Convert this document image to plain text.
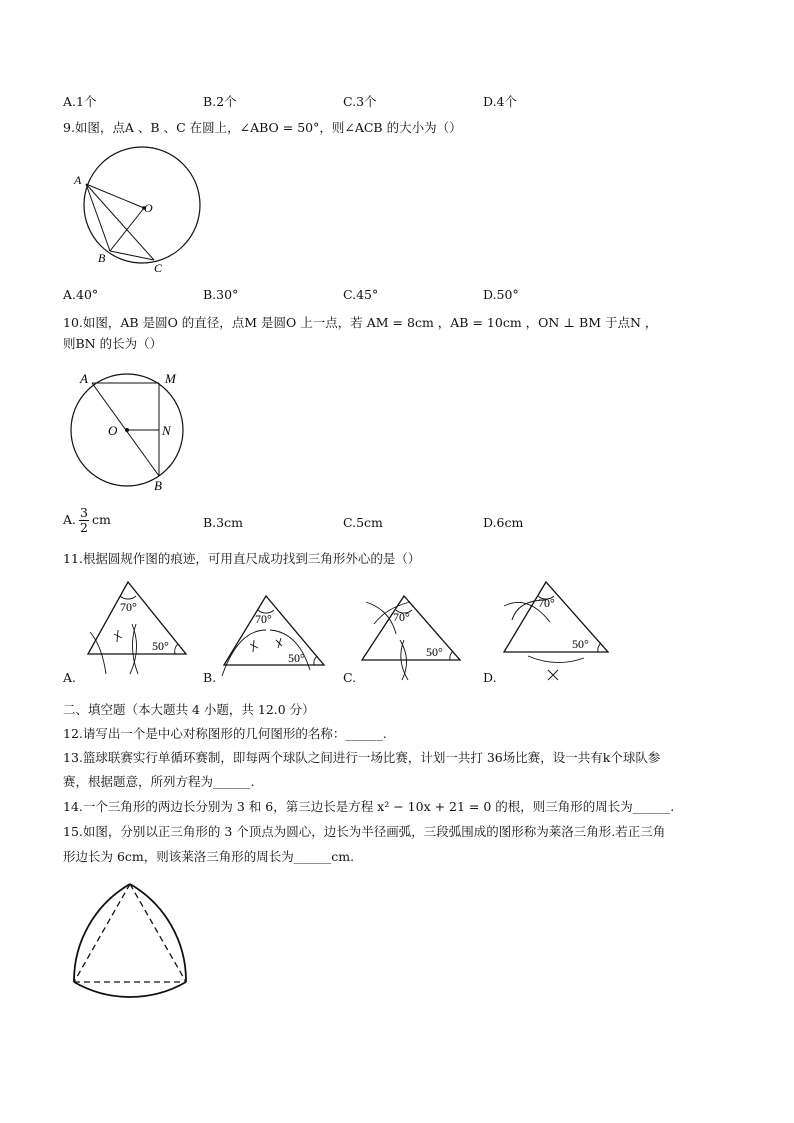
A.1个	B.2个	C.3个	D.4个
9.如图，点A 、B 、C 在圆上，∠ABO = 50°，则∠ACB 的大小为（）
A
O
B
C
A.40°	B.30°	C.45°	D.50°
10.如图，AB 是圆O 的直径，点M 是圆O 上一点，若 AM = 8cm ，AB = 10cm ，ON ⊥ BM 于点N ，
则BN 的长为（）
A	M
O	N
B
A. $\frac{3}{2}$ cm	B.3cm	C.5cm	D.6cm
11.根据圆规作图的痕迹，可用直尺成功找到三角形外心的是（）
70°
50°
A.
70°
50°
B.
70°
50°
C.
70°
50°
D.
二、填空题（本大题共 4 小题，共 12.0 分）
12.请写出一个是中心对称图形的几何图形的名称：______.
13.篮球联赛实行单循环赛制，即每两个球队之间进行一场比赛，计划一共打 36场比赛，设一共有k个球队参
赛，根据题意，所列方程为______.
14.一个三角形的两边长分别为 3 和 6，第三边长是方程 x² − 10x + 21 = 0 的根，则三角形的周长为______.
15.如图，分别以正三角形的 3 个顶点为圆心，边长为半径画弧，三段弧围成的图形称为莱洛三角形.若正三角
形边长为 6cm，则该莱洛三角形的周长为______cm.
